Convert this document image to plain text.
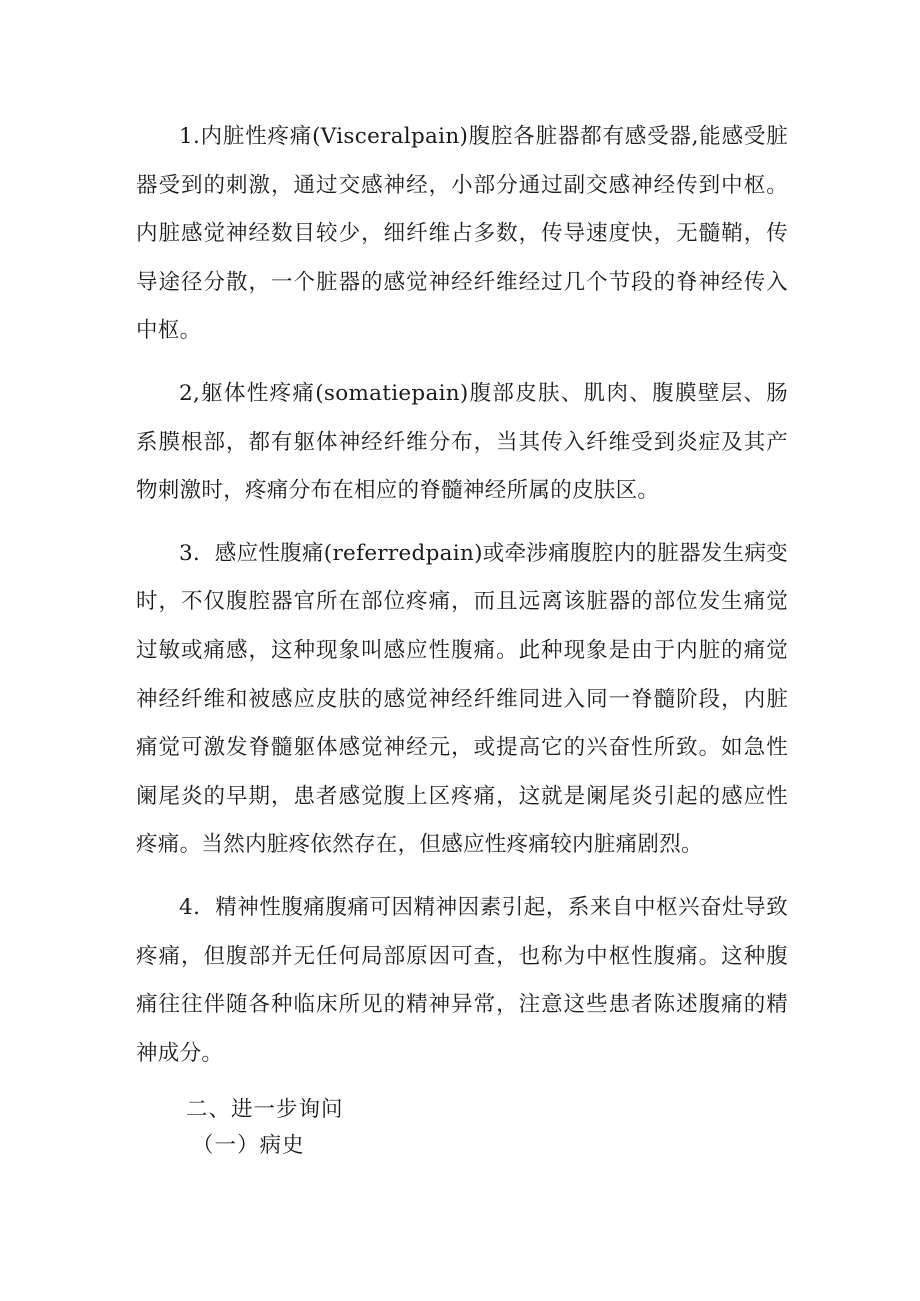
1.内脏性疼痛(Visceralpain)腹腔各脏器都有感受器,能感受脏器受到的刺激，通过交感神经，小部分通过副交感神经传到中枢。内脏感觉神经数目较少，细纤维占多数，传导速度快，无髓鞘，传导途径分散，一个脏器的感觉神经纤维经过几个节段的脊神经传入中枢。

2,躯体性疼痛(somatiepain)腹部皮肤、肌肉、腹膜壁层、肠系膜根部，都有躯体神经纤维分布，当其传入纤维受到炎症及其产物刺激时，疼痛分布在相应的脊髓神经所属的皮肤区。

3．感应性腹痛(referredpain)或牵涉痛腹腔内的脏器发生病变时，不仅腹腔器官所在部位疼痛，而且远离该脏器的部位发生痛觉过敏或痛感，这种现象叫感应性腹痛。此种现象是由于内脏的痛觉神经纤维和被感应皮肤的感觉神经纤维同进入同一脊髓阶段，内脏痛觉可激发脊髓躯体感觉神经元，或提高它的兴奋性所致。如急性阑尾炎的早期，患者感觉腹上区疼痛，这就是阑尾炎引起的感应性疼痛。当然内脏疼依然存在，但感应性疼痛较内脏痛剧烈。

4．精神性腹痛腹痛可因精神因素引起，系来自中枢兴奋灶导致疼痛，但腹部并无任何局部原因可查，也称为中枢性腹痛。这种腹痛往往伴随各种临床所见的精神异常，注意这些患者陈述腹痛的精神成分。

二、进一步询问

（一）病史
